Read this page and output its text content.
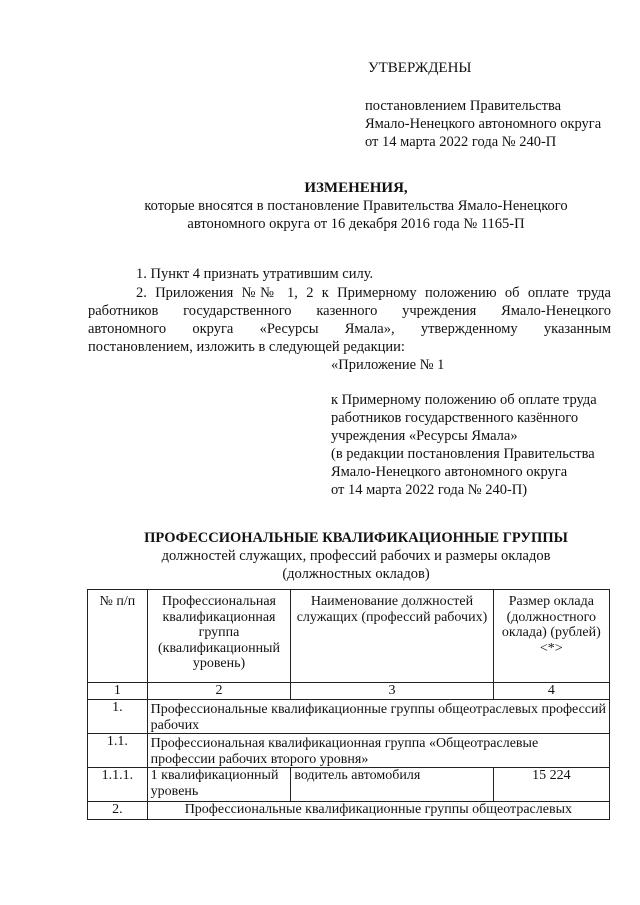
УТВЕРЖДЕНЫ
постановлением Правительства
Ямало-Ненецкого автономного округа
от 14 марта 2022 года № 240-П
ИЗМЕНЕНИЯ,
которые вносятся в постановление Правительства Ямало-Ненецкого
автономного округа от 16 декабря 2016 года № 1165-П
1. Пункт 4 признать утратившим силу.
2. Приложения №№ 1, 2 к Примерному положению об оплате труда
работников государственного казенного учреждения Ямало-Ненецкого
автономного округа «Ресурсы Ямала», утвержденному указанным
постановлением, изложить в следующей редакции:
«Приложение № 1
к Примерному положению об оплате труда
работников государственного казённого
учреждения «Ресурсы Ямала»
(в редакции постановления Правительства
Ямало-Ненецкого автономного округа
от 14 марта 2022 года № 240-П)
ПРОФЕССИОНАЛЬНЫЕ КВАЛИФИКАЦИОННЫЕ ГРУППЫ
должностей служащих, профессий рабочих и размеры окладов
(должностных окладов)
№ п/п	Профессиональная квалификационная группа (квалификационный уровень)	Наименование должностей служащих (профессий рабочих)	Размер оклада (должностного оклада) (рублей) <*>
1	2	3	4
1.	Профессиональные квалификационные группы общеотраслевых профессий рабочих		
1.1.	Профессиональная квалификационная группа «Общеотраслевые профессии рабочих второго уровня»		
1.1.1.	1 квалификационный уровень	водитель автомобиля	15 224
2.	Профессиональные квалификационные группы общеотраслевых		
